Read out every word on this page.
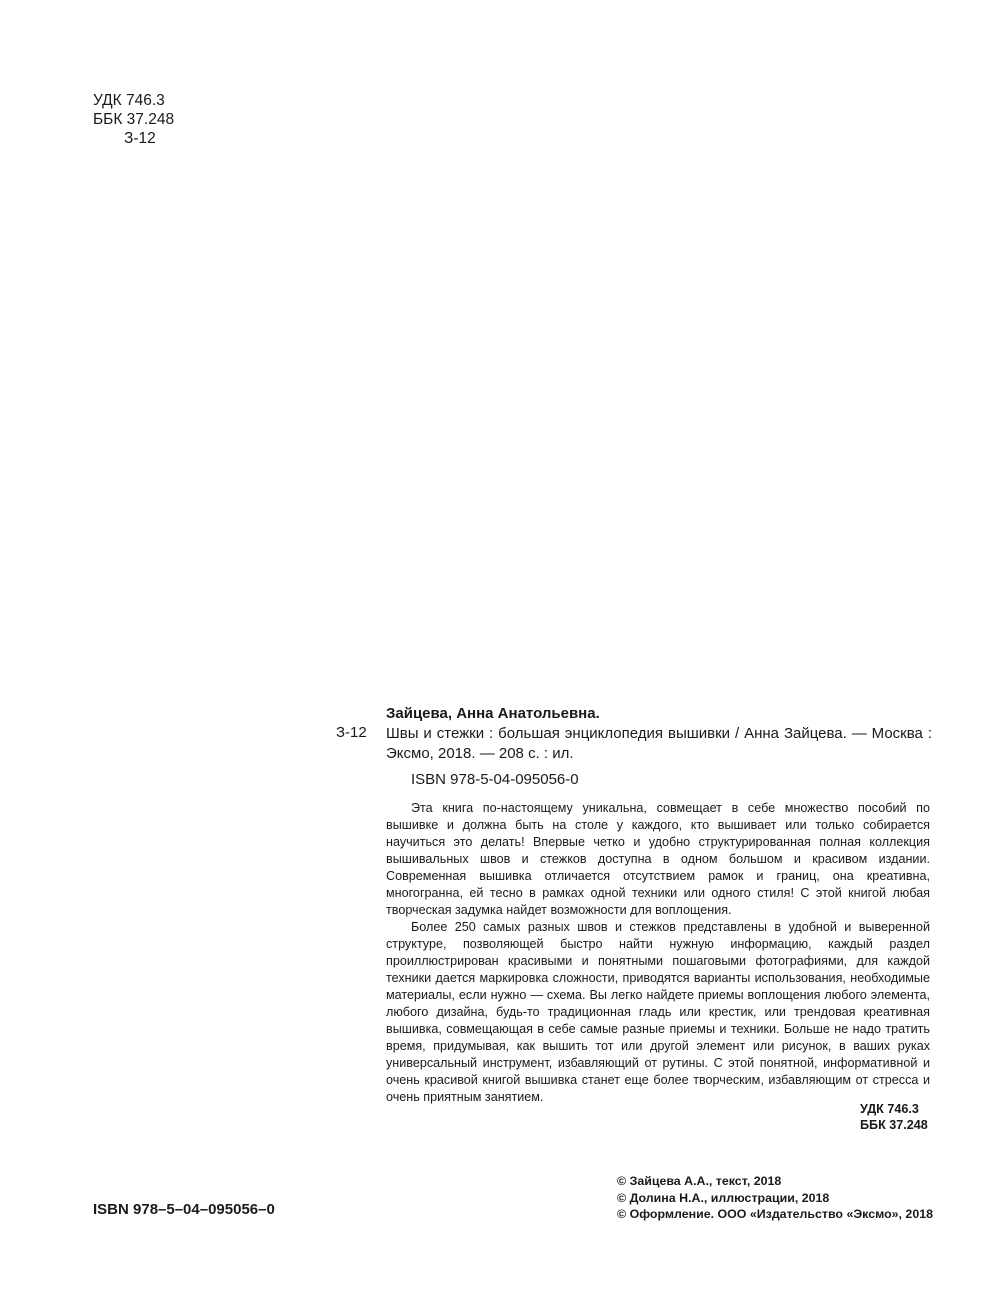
УДК 746.3
ББК 37.248
З-12
Зайцева, Анна Анатольевна.
З-12 Швы и стежки : большая энциклопедия вышивки / Анна Зайцева. — Москва : Эксмо, 2018. — 208 с. : ил.
ISBN 978-5-04-095056-0

Эта книга по-настоящему уникальна, совмещает в себе множество пособий по вышивке и должна быть на столе у каждого, кто вышивает или только собирается научиться это делать! Впервые четко и удобно структурированная полная коллекция вышивальных швов и стежков доступна в одном большом и красивом издании. Современная вышивка отличается отсутствием рамок и границ, она креативна, многогранна, ей тесно в рамках одной техники или одного стиля! С этой книгой любая творческая задумка найдет возможности для воплощения.

Более 250 самых разных швов и стежков представлены в удобной и выверенной структуре, позволяющей быстро найти нужную информацию, каждый раздел проиллюстрирован красивыми и понятными пошаговыми фотографиями, для каждой техники дается маркировка сложности, приводятся варианты использования, необходимые материалы, если нужно — схема. Вы легко найдете приемы воплощения любого элемента, любого дизайна, будь-то традиционная гладь или крестик, или трендовая креативная вышивка, совмещающая в себе самые разные приемы и техники. Больше не надо тратить время, придумывая, как вышить тот или другой элемент или рисунок, в ваших руках универсальный инструмент, избавляющий от рутины. С этой понятной, информативной и очень красивой книгой вышивка станет еще более творческим, избавляющим от стресса и очень приятным занятием.

УДК 746.3
ББК 37.248
ISBN 978–5–04–095056–0
© Зайцева А.А., текст, 2018
© Долина Н.А., иллюстрации, 2018
© Оформление. ООО «Издательство «Эксмо», 2018
